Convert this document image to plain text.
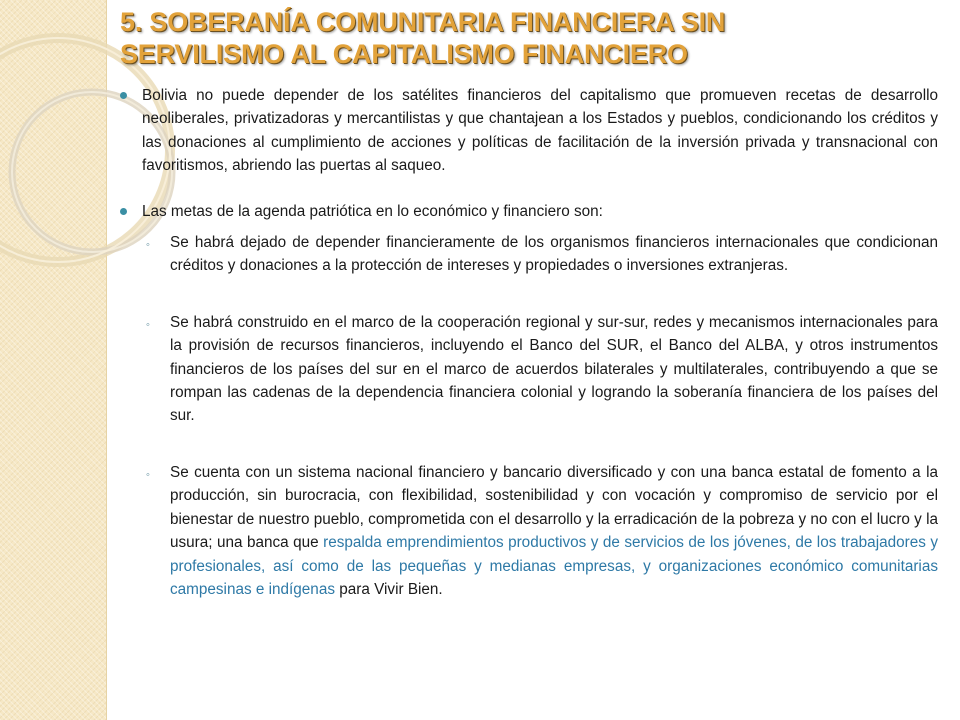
5. SOBERANÍA COMUNITARIA FINANCIERA SIN
SERVILISMO AL CAPITALISMO FINANCIERO
Bolivia no puede depender de los satélites financieros del capitalismo que promueven recetas de desarrollo neoliberales, privatizadoras y mercantilistas y que chantajean a los Estados y pueblos, condicionando los créditos y las donaciones al cumplimiento de acciones y políticas de facilitación de la inversión privada y transnacional con favoritismos, abriendo las puertas al saqueo.
Las metas de la agenda patriótica en lo económico y financiero son:
◦ Se habrá dejado de depender financieramente de los organismos financieros internacionales que condicionan créditos y donaciones a la protección de intereses y propiedades o inversiones extranjeras.
◦ Se habrá construido en el marco de la cooperación regional y sur-sur, redes y mecanismos internacionales para la provisión de recursos financieros, incluyendo el Banco del SUR, el Banco del ALBA, y otros instrumentos financieros de los países del sur en el marco de acuerdos bilaterales y multilaterales, contribuyendo a que se rompan las cadenas de la dependencia financiera colonial y logrando la soberanía financiera de los países del sur.
◦ Se cuenta con un sistema nacional financiero y bancario diversificado y con una banca estatal de fomento a la producción, sin burocracia, con flexibilidad, sostenibilidad y con vocación y compromiso de servicio por el bienestar de nuestro pueblo, comprometida con el desarrollo y la erradicación de la pobreza y no con el lucro y la usura; una banca que respalda emprendimientos productivos y de servicios de los jóvenes, de los trabajadores y profesionales, así como de las pequeñas y medianas empresas, y organizaciones económico comunitarias campesinas e indígenas para Vivir Bien.
